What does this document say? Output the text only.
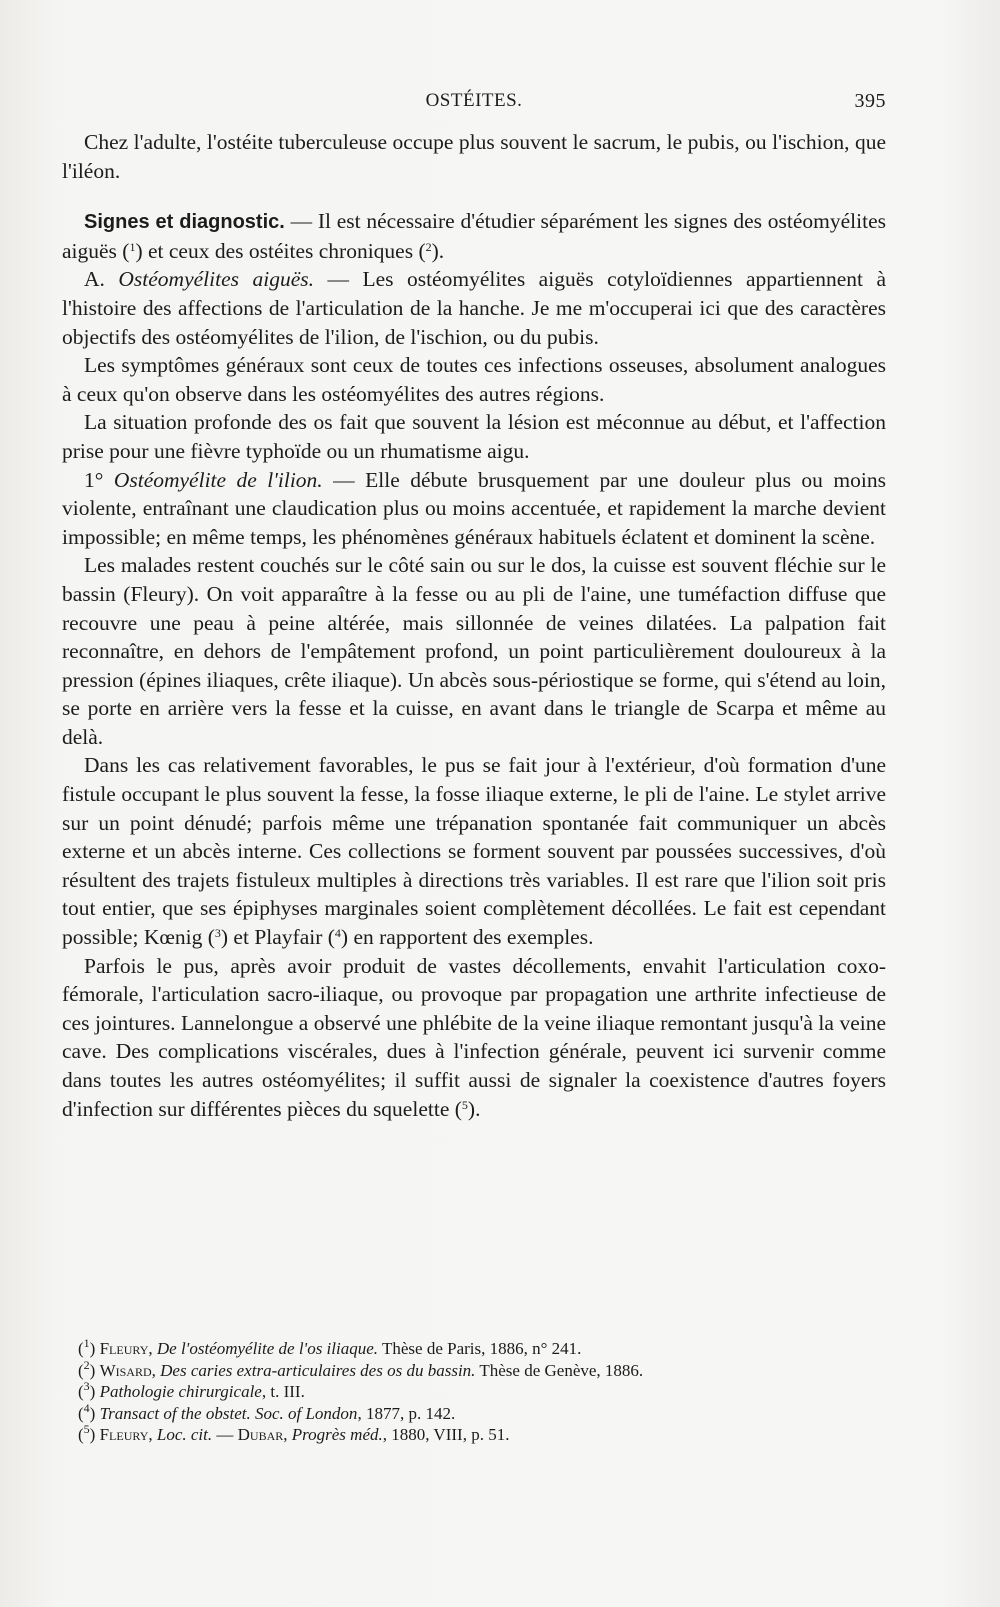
OSTÉITES.	395

Chez l'adulte, l'ostéite tuberculeuse occupe plus souvent le sacrum, le pubis, ou l'ischion, que l'iléon.

Signes et diagnostic. — Il est nécessaire d'étudier séparément les signes des ostéomyélites aiguës ($^1$) et ceux des ostéites chroniques ($^2$).

A. Ostéomyélites aiguës. — Les ostéomyélites aiguës cotyloïdiennes appartiennent à l'histoire des affections de l'articulation de la hanche. Je me m'occuperai ici que des caractères objectifs des ostéomyélites de l'ilion, de l'ischion, ou du pubis.

Les symptômes généraux sont ceux de toutes ces infections osseuses, absolument analogues à ceux qu'on observe dans les ostéomyélites des autres régions.

La situation profonde des os fait que souvent la lésion est méconnue au début, et l'affection prise pour une fièvre typhoïde ou un rhumatisme aigu.

1° Ostéomyélite de l'ilion. — Elle débute brusquement par une douleur plus ou moins violente, entraînant une claudication plus ou moins accentuée, et rapidement la marche devient impossible; en même temps, les phénomènes généraux habituels éclatent et dominent la scène.

Les malades restent couchés sur le côté sain ou sur le dos, la cuisse est souvent fléchie sur le bassin (Fleury). On voit apparaître à la fesse ou au pli de l'aine, une tuméfaction diffuse que recouvre une peau à peine altérée, mais sillonnée de veines dilatées. La palpation fait reconnaître, en dehors de l'empâtement profond, un point particulièrement douloureux à la pression (épines iliaques, crête iliaque). Un abcès sous-périostique se forme, qui s'étend au loin, se porte en arrière vers la fesse et la cuisse, en avant dans le triangle de Scarpa et même au delà.

Dans les cas relativement favorables, le pus se fait jour à l'extérieur, d'où formation d'une fistule occupant le plus souvent la fesse, la fosse iliaque externe, le pli de l'aine. Le stylet arrive sur un point dénudé; parfois même une trépanation spontanée fait communiquer un abcès externe et un abcès interne. Ces collections se forment souvent par poussées successives, d'où résultent des trajets fistuleux multiples à directions très variables. Il est rare que l'ilion soit pris tout entier, que ses épiphyses marginales soient complètement décollées. Le fait est cependant possible; Kœnig ($^3$) et Playfair ($^4$) en rapportent des exemples.

Parfois le pus, après avoir produit de vastes décollements, envahit l'articulation coxo-fémorale, l'articulation sacro-iliaque, ou provoque par propagation une arthrite infectieuse de ces jointures. Lannelongue a observé une phlébite de la veine iliaque remontant jusqu'à la veine cave. Des complications viscérales, dues à l'infection générale, peuvent ici survenir comme dans toutes les autres ostéomyélites; il suffit aussi de signaler la coexistence d'autres foyers d'infection sur différentes pièces du squelette ($^5$).

($^1$) Fleury, De l'ostéomyélite de l'os iliaque. Thèse de Paris, 1886, n° 241.
($^2$) Wisard, Des caries extra-articulaires des os du bassin. Thèse de Genève, 1886.
($^3$) Pathologie chirurgicale, t. III.
($^4$) Transact of the obstet. Soc. of London, 1877, p. 142.
($^5$) Fleury, Loc. cit. — Dubar, Progrès méd., 1880, VIII, p. 51.
